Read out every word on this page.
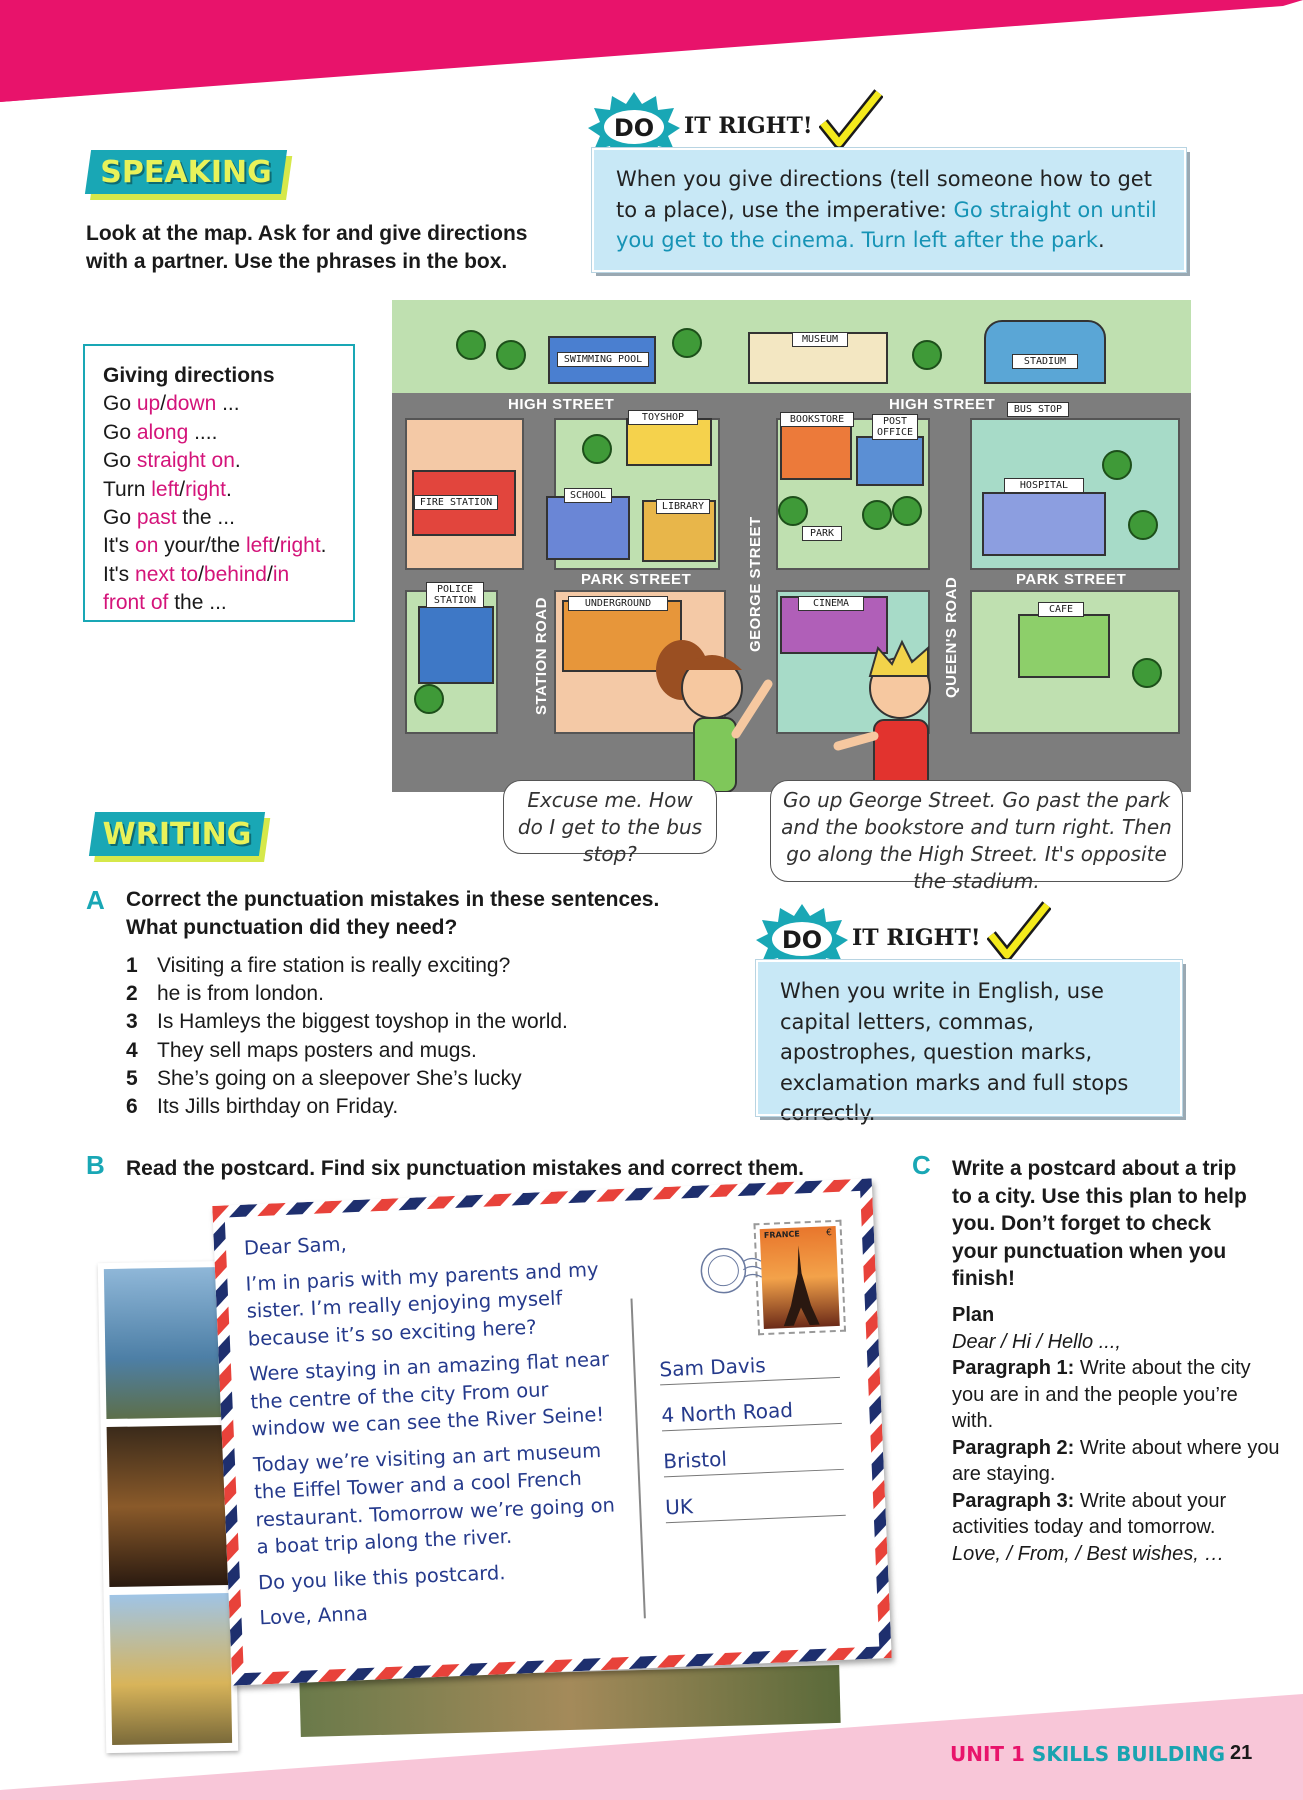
SPEAKING
Look at the map. Ask for and give directions
with a partner. Use the phrases in the box.
Giving directions
Go up/down ...
Go along ....
Go straight on.
Turn left/right.
Go past the ...
It's on your/the left/right.
It's next to/behind/in
front of the ...
DO IT RIGHT!
When you give directions (tell someone how to get to a place), use the imperative: Go straight on until you get to the cinema. Turn left after the park.
HIGH STREET	HIGH STREET
PARK STREET	PARK STREET
GEORGE STREET
STATION ROAD	QUEEN'S ROAD
SWIMMING POOL
MUSEUM
STADIUM
FIRE STATION
TOYSHOP
SCHOOL
LIBRARY
BOOKSTORE	POST OFFICE
PARK
BUS STOP
HOSPITAL
POLICE STATION	UNDERGROUND	CINEMA
CAFE
Excuse me. How do I get to the bus stop?
Go up George Street. Go past the park and the bookstore and turn right. Then go along the High Street. It's opposite the stadium.
WRITING
A Correct the punctuation mistakes in these sentences.
What punctuation did they need?
1 Visiting a fire station is really exciting?
2 he is from london.
3 Is Hamleys the biggest toyshop in the world.
4 They sell maps posters and mugs.
5 She’s going on a sleepover She’s lucky
6 Its Jills birthday on Friday.
DO IT RIGHT!
When you write in English, use capital letters, commas, apostrophes, question marks, exclamation marks and full stops correctly.
B Read the postcard. Find six punctuation mistakes and correct them.
Dear Sam,
I’m in paris with my parents and my sister. I’m really enjoying myself because it’s so exciting here?
Were staying in an amazing flat near the centre of the city From our window we can see the River Seine!
Today we’re visiting an art museum the Eiffel Tower and a cool French restaurant. Tomorrow we’re going on a boat trip along the river.
Do you like this postcard.
Love, Anna
FRANCE	€
Sam Davis
4 North Road
Bristol
UK
C Write a postcard about a trip to a city. Use this plan to help you. Don’t forget to check your punctuation when you finish!
Plan
Dear / Hi / Hello ...,
Paragraph 1: Write about the city you are in and the people you’re with.
Paragraph 2: Write about where you are staying.
Paragraph 3: Write about your activities today and tomorrow.
Love, / From, / Best wishes, …
UNIT 1 SKILLS BUILDING 21
